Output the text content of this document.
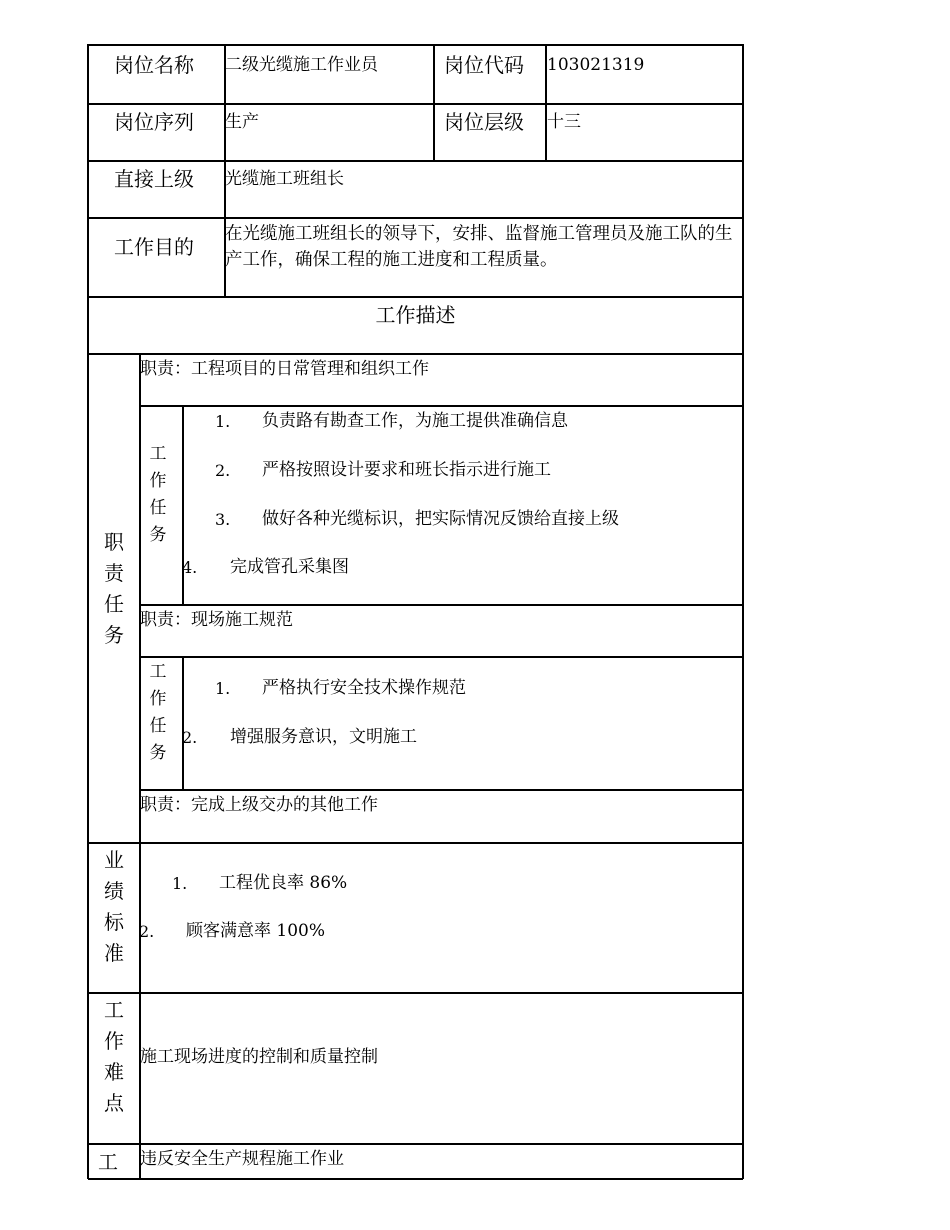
岗位名称 二级光缆施工作业员	岗位代码 103021319
岗位序列 生产	岗位层级 十三
直接上级 光缆施工班组长
工作目的
在光缆施工班组长的领导下，安排、监督施工管理员及施工队的生产工作，确保工程的施工进度和工程质量。
工作描述
职
责
任
务
职责：工程项目的日常管理和组织工作
工
作
任
务
1. 负责路有勘查工作，为施工提供准确信息
2. 严格按照设计要求和班长指示进行施工
3. 做好各种光缆标识，把实际情况反馈给直接上级
4. 完成管孔采集图
职责：现场施工规范
工
作
任
务
1. 严格执行安全技术操作规范
2. 增强服务意识，文明施工
职责：完成上级交办的其他工作
业
绩
标
准
1. 工程优良率 86%
2. 顾客满意率 100%
工
作
难
点
施工现场进度的控制和质量控制
工 违反安全生产规程施工作业
